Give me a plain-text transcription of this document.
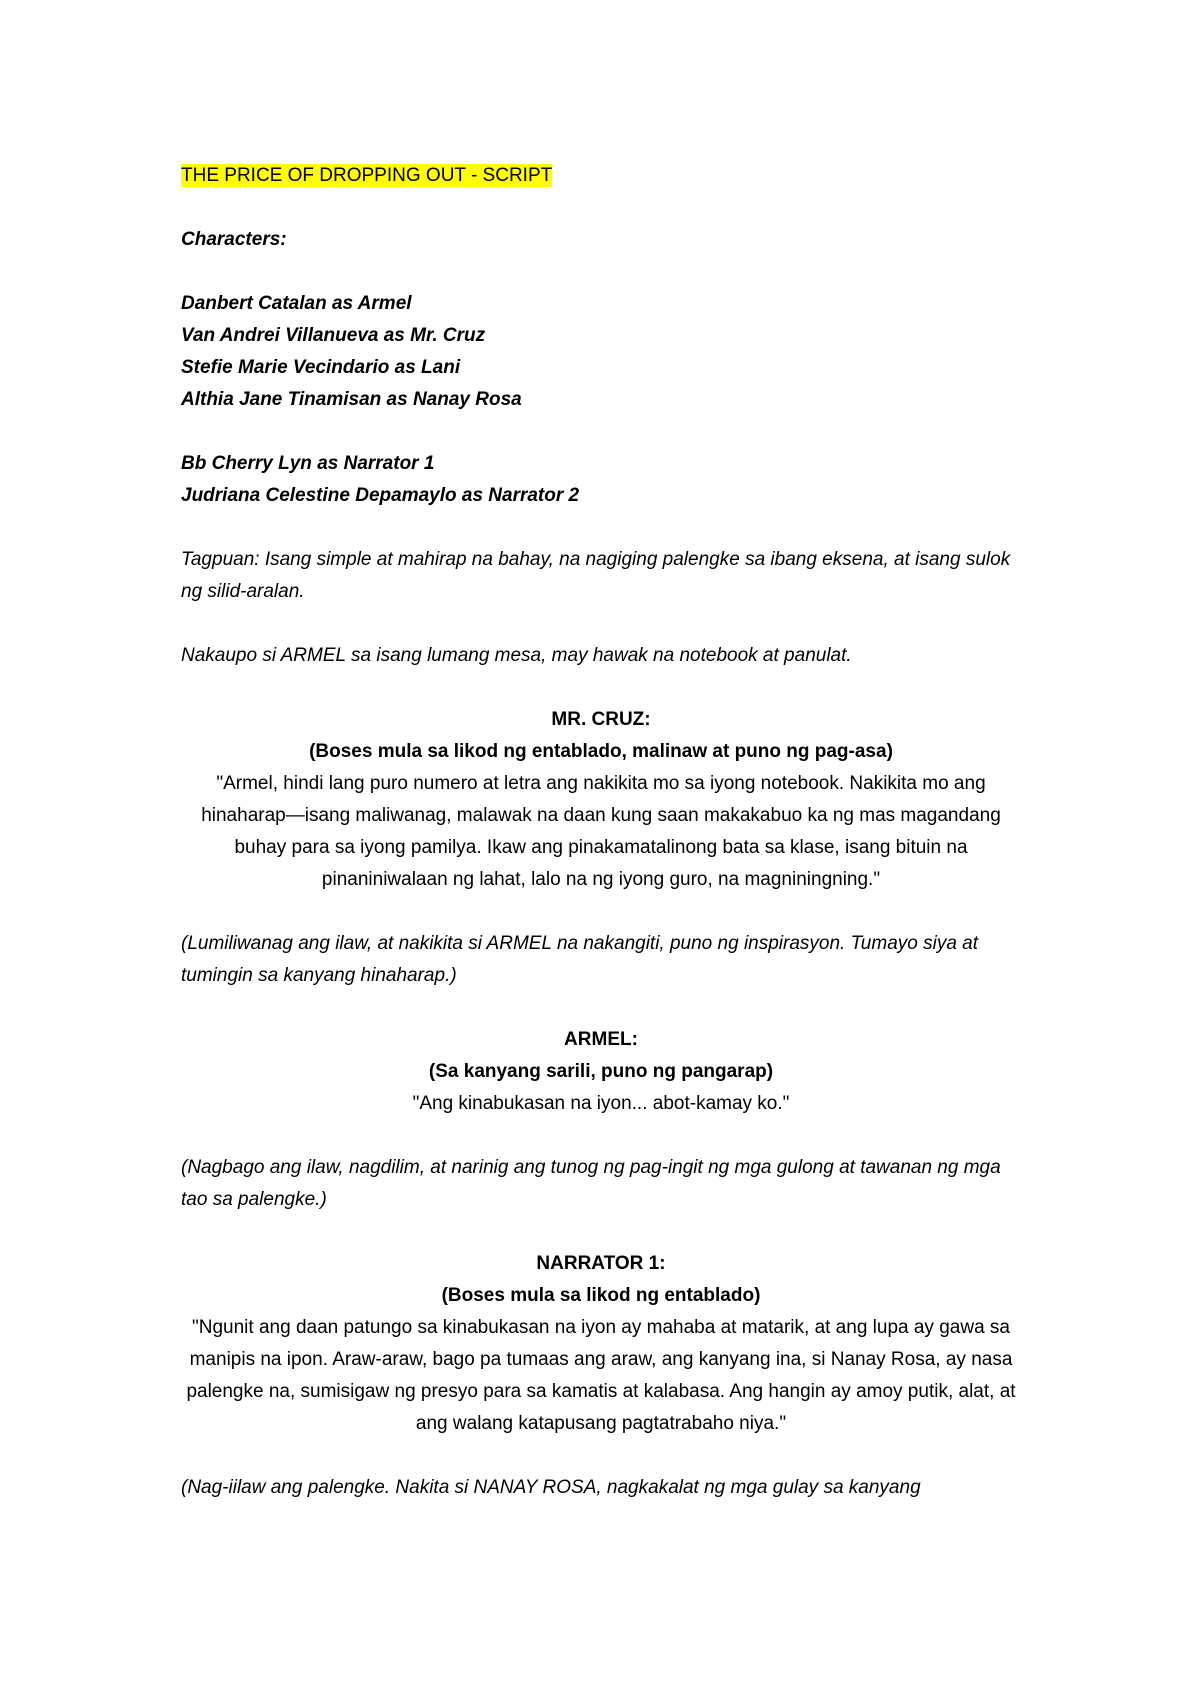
THE PRICE OF DROPPING OUT - SCRIPT
Characters:
Danbert Catalan as Armel
Van Andrei Villanueva as Mr. Cruz
Stefie Marie Vecindario as Lani
Althia Jane Tinamisan as Nanay Rosa
Bb Cherry Lyn as Narrator 1
Judriana Celestine Depamaylo as Narrator 2
Tagpuan: Isang simple at mahirap na bahay, na nagiging palengke sa ibang eksena, at isang sulok ng silid-aralan.
Nakaupo si ARMEL sa isang lumang mesa, may hawak na notebook at panulat.
MR. CRUZ:
(Boses mula sa likod ng entablado, malinaw at puno ng pag-asa)
"Armel, hindi lang puro numero at letra ang nakikita mo sa iyong notebook. Nakikita mo ang hinaharap—isang maliwanag, malawak na daan kung saan makakabuo ka ng mas magandang buhay para sa iyong pamilya. Ikaw ang pinakamatalinong bata sa klase, isang bituin na pinaniniwalaan ng lahat, lalo na ng iyong guro, na magniningning."
(Lumiliwanag ang ilaw, at nakikita si ARMEL na nakangiti, puno ng inspirasyon. Tumayo siya at tumingin sa kanyang hinaharap.)
ARMEL:
(Sa kanyang sarili, puno ng pangarap)
"Ang kinabukasan na iyon... abot-kamay ko."
(Nagbago ang ilaw, nagdilim, at narinig ang tunog ng pag-ingit ng mga gulong at tawanan ng mga tao sa palengke.)
NARRATOR 1:
(Boses mula sa likod ng entablado)
"Ngunit ang daan patungo sa kinabukasan na iyon ay mahaba at matarik, at ang lupa ay gawa sa manipis na ipon. Araw-araw, bago pa tumaas ang araw, ang kanyang ina, si Nanay Rosa, ay nasa palengke na, sumisigaw ng presyo para sa kamatis at kalabasa. Ang hangin ay amoy putik, alat, at ang walang katapusang pagtatrabaho niya."
(Nag-iilaw ang palengke. Nakita si NANAY ROSA, nagkakalat ng mga gulay sa kanyang
